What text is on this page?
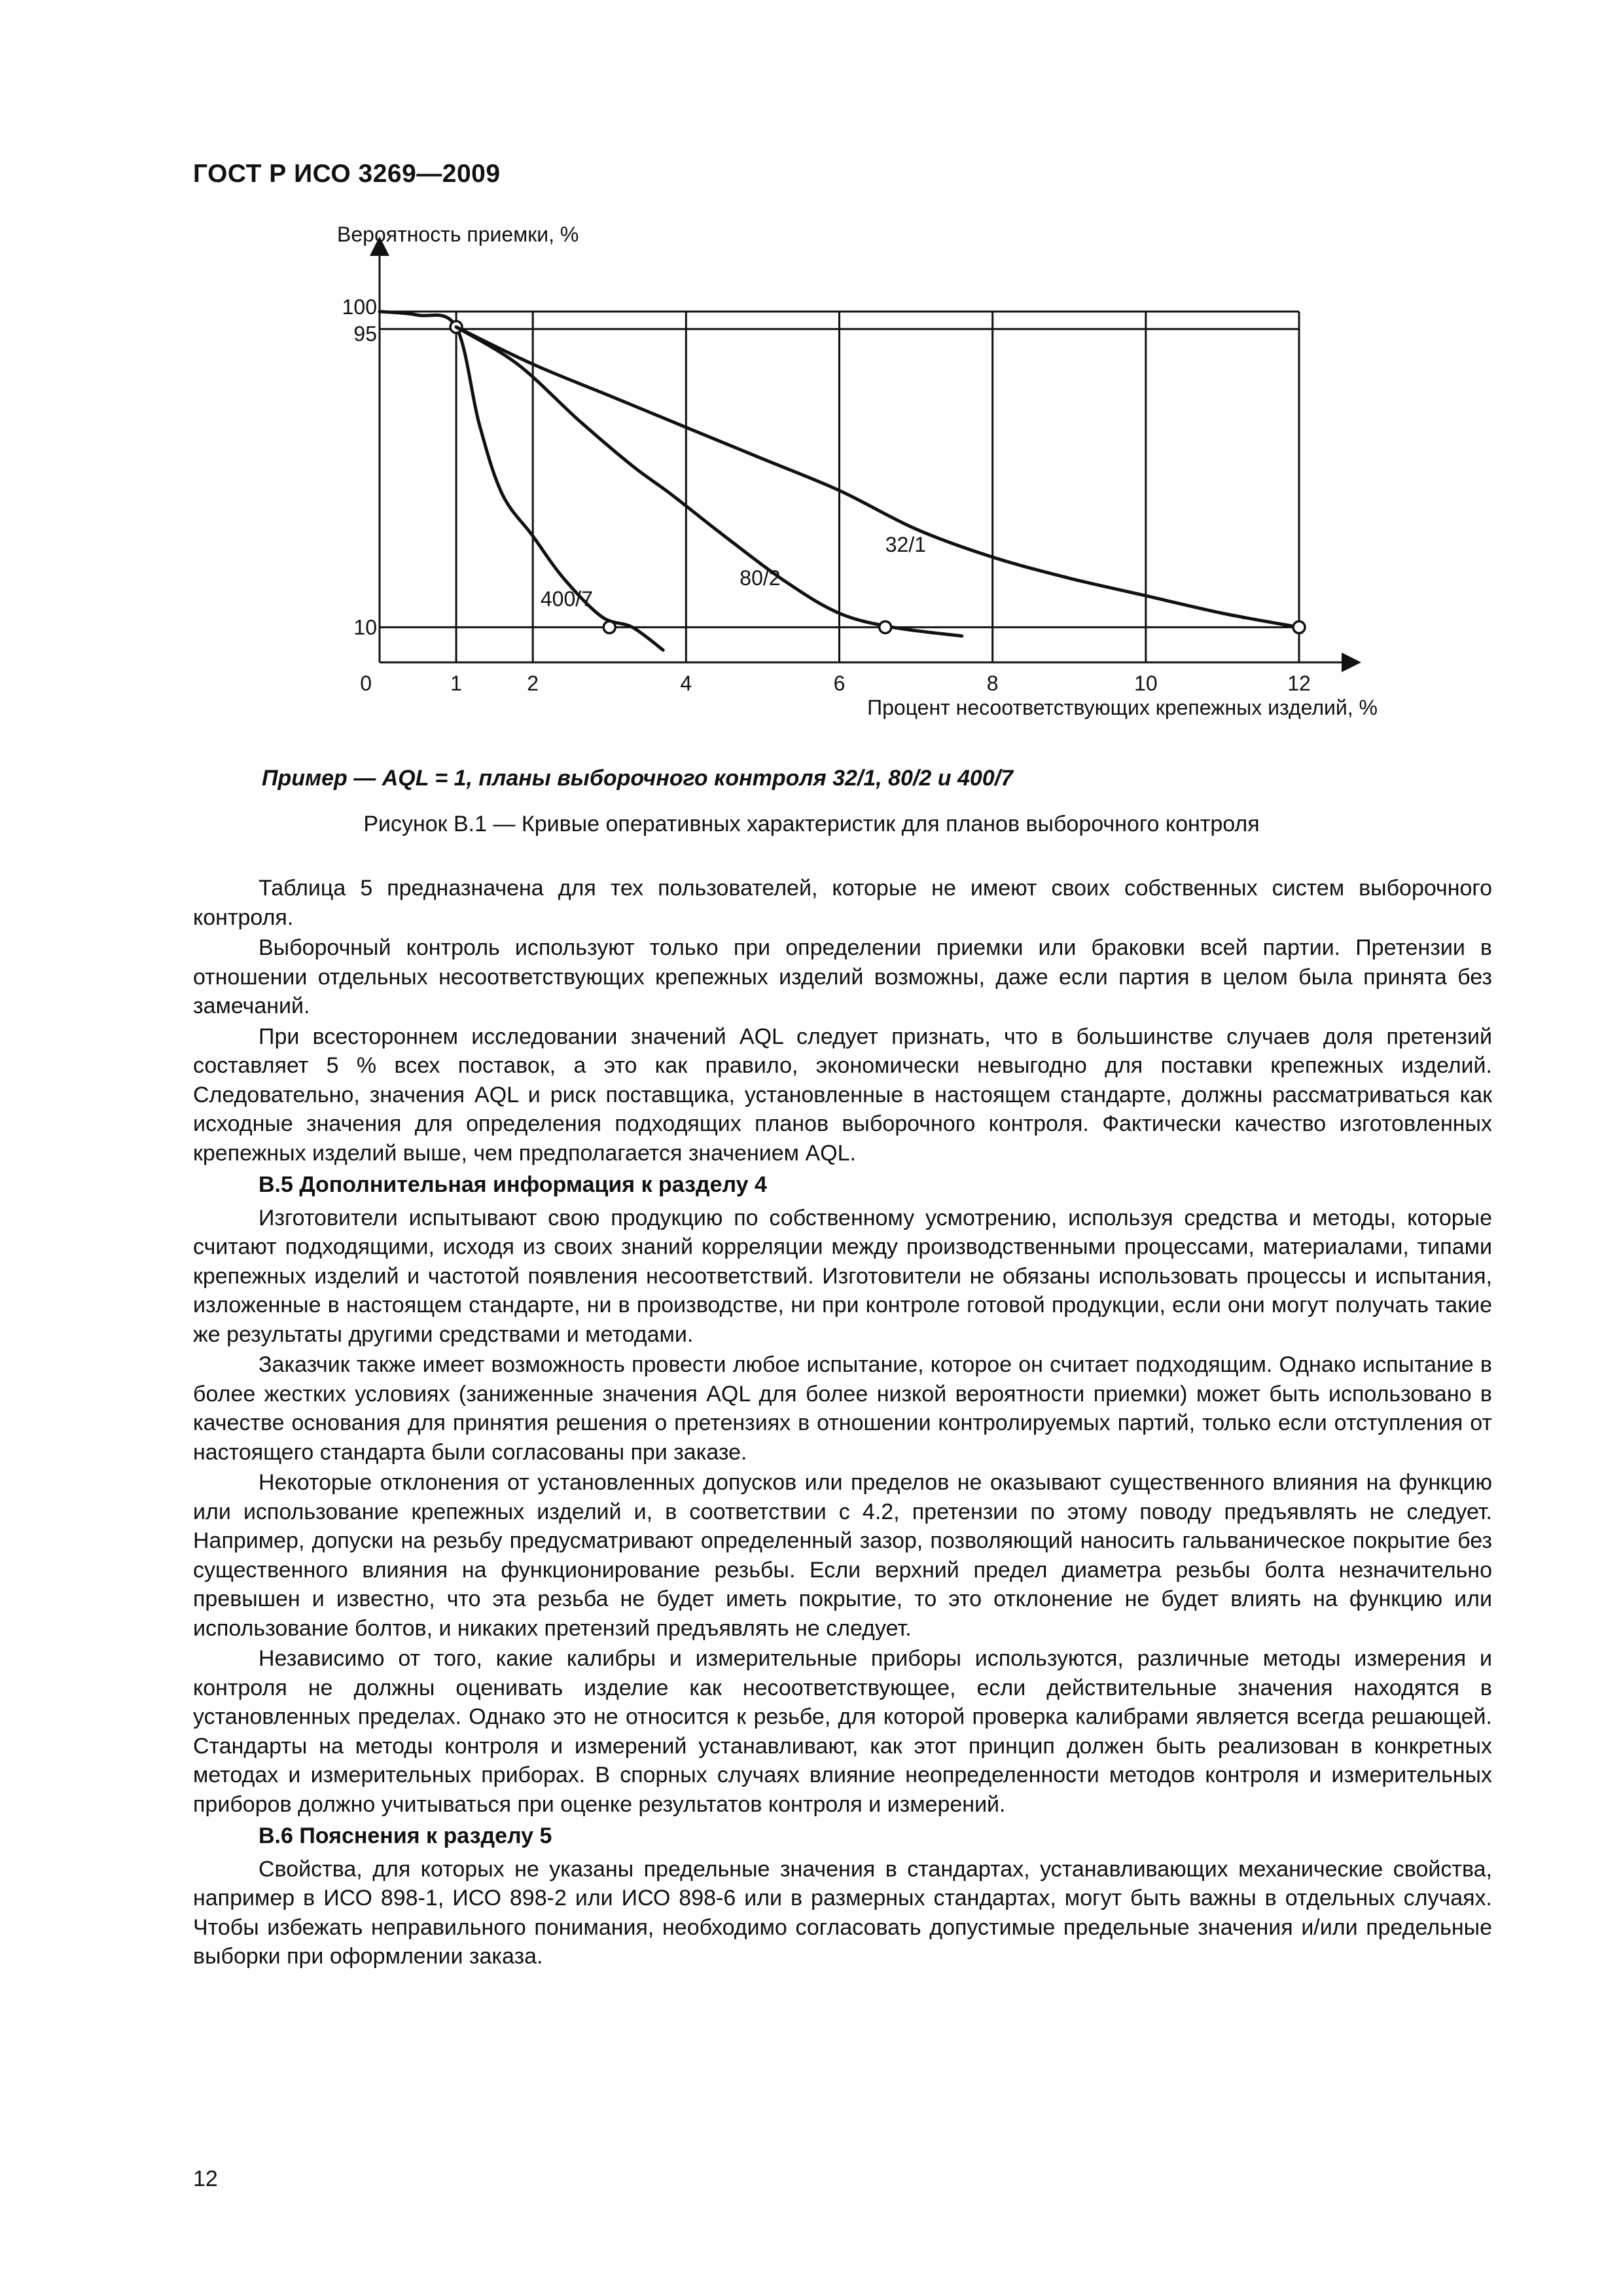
ГОСТ Р ИСО 3269—2009
Вероятность приемки, %
Процент несоответствующих крепежных изделий, %
1	2	4	6	8	10	12
0
10
95
100
400/7
80/2
32/1
Пример — AQL = 1, планы выборочного контроля 32/1, 80/2 и 400/7
Рисунок В.1 — Кривые оперативных характеристик для планов выборочного контроля

Таблица 5 предназначена для тех пользователей, которые не имеют своих собственных систем выборочного контроля.

Выборочный контроль используют только при определении приемки или браковки всей партии. Претензии в отношении отдельных несоответствующих крепежных изделий возможны, даже если партия в целом была принята без замечаний.

При всестороннем исследовании значений AQL следует признать, что в большинстве случаев доля претензий составляет 5 % всех поставок, а это как правило, экономически невыгодно для поставки крепежных изделий. Следовательно, значения AQL и риск поставщика, установленные в настоящем стандарте, должны рассматриваться как исходные значения для определения подходящих планов выборочного контроля. Фактически качество изготовленных крепежных изделий выше, чем предполагается значением AQL.

В.5 Дополнительная информация к разделу 4

Изготовители испытывают свою продукцию по собственному усмотрению, используя средства и методы, которые считают подходящими, исходя из своих знаний корреляции между производственными процессами, материалами, типами крепежных изделий и частотой появления несоответствий. Изготовители не обязаны использовать процессы и испытания, изложенные в настоящем стандарте, ни в производстве, ни при контроле готовой продукции, если они могут получать такие же результаты другими средствами и методами.

Заказчик также имеет возможность провести любое испытание, которое он считает подходящим. Однако испытание в более жестких условиях (заниженные значения AQL для более низкой вероятности приемки) может быть использовано в качестве основания для принятия решения о претензиях в отношении контролируемых партий, только если отступления от настоящего стандарта были согласованы при заказе.

Некоторые отклонения от установленных допусков или пределов не оказывают существенного влияния на функцию или использование крепежных изделий и, в соответствии с 4.2, претензии по этому поводу предъявлять не следует. Например, допуски на резьбу предусматривают определенный зазор, позволяющий наносить гальваническое покрытие без существенного влияния на функционирование резьбы. Если верхний предел диаметра резьбы болта незначительно превышен и известно, что эта резьба не будет иметь покрытие, то это отклонение не будет влиять на функцию или использование болтов, и никаких претензий предъявлять не следует.

Независимо от того, какие калибры и измерительные приборы используются, различные методы измерения и контроля не должны оценивать изделие как несоответствующее, если действительные значения находятся в установленных пределах. Однако это не относится к резьбе, для которой проверка калибрами является всегда решающей. Стандарты на методы контроля и измерений устанавливают, как этот принцип должен быть реализован в конкретных методах и измерительных приборах. В спорных случаях влияние неопределенности методов контроля и измерительных приборов должно учитываться при оценке результатов контроля и измерений.

В.6 Пояснения к разделу 5

Свойства, для которых не указаны предельные значения в стандартах, устанавливающих механические свойства, например в ИСО 898-1, ИСО 898-2 или ИСО 898-6 или в размерных стандартах, могут быть важны в отдельных случаях. Чтобы избежать неправильного понимания, необходимо согласовать допустимые предельные значения и/или предельные выборки при оформлении заказа.

12
